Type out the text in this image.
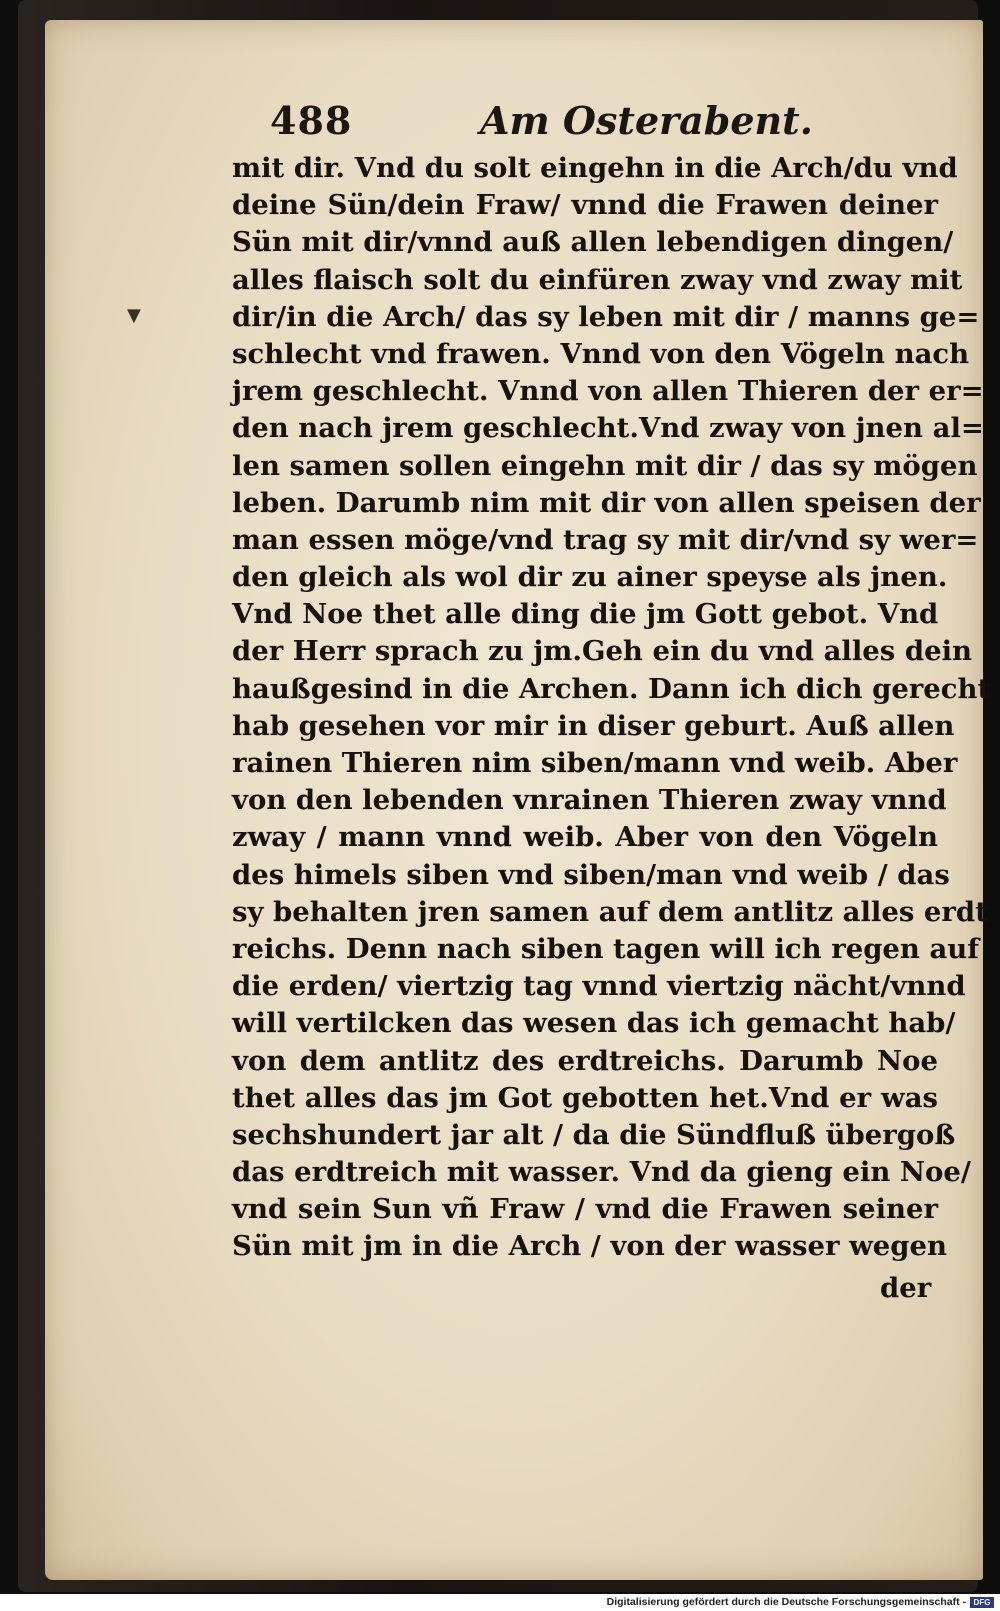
▼
488	Am Osterabent.
mit dir. Vnd du solt eingehn in die Arch/du vnd
deine Sün/dein Fraw/ vnnd die Frawen deiner
Sün mit dir/vnnd auß allen lebendigen dingen/
alles flaisch solt du einfüren zway vnd zway mit
dir/in die Arch/ das sy leben mit dir / manns ge=
schlecht vnd frawen. Vnnd von den Vögeln nach
jrem geschlecht. Vnnd von allen Thieren der er=
den nach jrem geschlecht.Vnd zway von jnen al=
len samen sollen eingehn mit dir / das sy mögen
leben. Darumb nim mit dir von allen speisen der
man essen möge/vnd trag sy mit dir/vnd sy wer=
den gleich als wol dir zu ainer speyse als jnen.
Vnd Noe thet alle ding die jm Gott gebot. Vnd
der Herr sprach zu jm.Geh ein du vnd alles dein
haußgesind in die Archen. Dann ich dich gerecht
hab gesehen vor mir in diser geburt. Auß allen
rainen Thieren nim siben/mann vnd weib. Aber
von den lebenden vnrainen Thieren zway vnnd
zway / mann vnnd weib. Aber von den Vögeln
des himels siben vnd siben/man vnd weib / das
sy behalten jren samen auf dem antlitz alles erdt
reichs. Denn nach siben tagen will ich regen auf
die erden/ viertzig tag vnnd viertzig nächt/vnnd
will vertilcken das wesen das ich gemacht hab/
von dem antlitz des erdtreichs. Darumb Noe
thet alles das jm Got gebotten het.Vnd er was
sechshundert jar alt / da die Sündfluß übergoß
das erdtreich mit wasser. Vnd da gieng ein Noe/
vnd sein Sun vñ Fraw / vnd die Frawen seiner
Sün mit jm in die Arch / von der wasser wegen
der
Digitalisierung gefördert durch die Deutsche Forschungsgemeinschaft - DFG
